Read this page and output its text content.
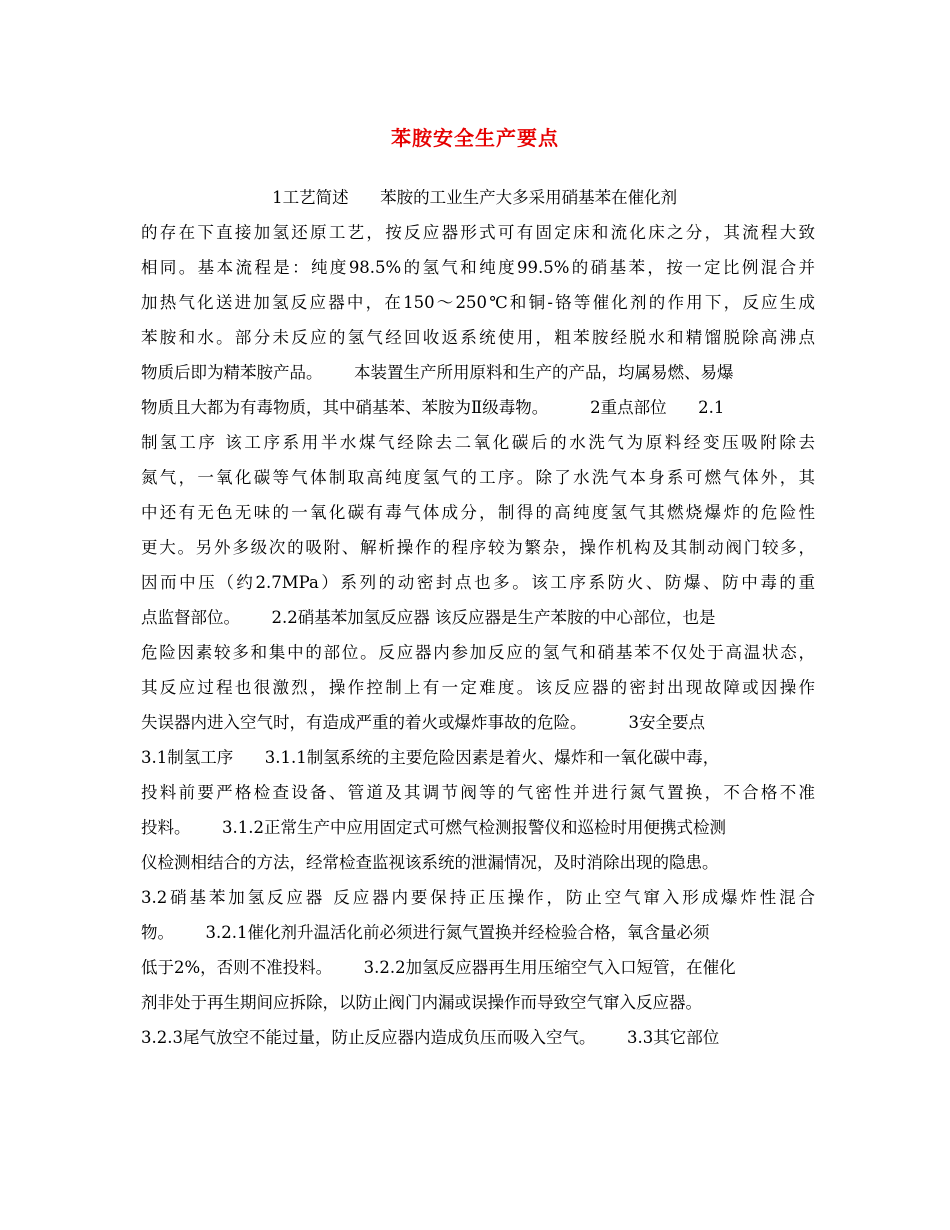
苯胺安全生产要点
1工艺简述      苯胺的工业生产大多采用硝基苯在催化剂
的存在下直接加氢还原工艺，按反应器形式可有固定床和流化床之分，其流程大致
相同。基本流程是：纯度98.5%的氢气和纯度99.5%的硝基苯，按一定比例混合并
加热气化送进加氢反应器中，在150～250℃和铜-铬等催化剂的作用下，反应生成
苯胺和水。部分未反应的氢气经回收返系统使用，粗苯胺经脱水和精馏脱除高沸点
物质后即为精苯胺产品。      本装置生产所用原料和生产的产品，均属易燃、易爆
物质且大都为有毒物质，其中硝基苯、苯胺为Ⅱ级毒物。        2重点部位      2.1
制氢工序 该工序系用半水煤气经除去二氧化碳后的水洗气为原料经变压吸附除去
氮气，一氧化碳等气体制取高纯度氢气的工序。除了水洗气本身系可燃气体外，其
中还有无色无味的一氧化碳有毒气体成分，制得的高纯度氢气其燃烧爆炸的危险性
更大。另外多级次的吸附、解析操作的程序较为繁杂，操作机构及其制动阀门较多，
因而中压（约2.7MPa）系列的动密封点也多。该工序系防火、防爆、防中毒的重
点监督部位。      2.2硝基苯加氢反应器 该反应器是生产苯胺的中心部位，也是
危险因素较多和集中的部位。反应器内参加反应的氢气和硝基苯不仅处于高温状态，
其反应过程也很激烈，操作控制上有一定难度。该反应器的密封出现故障或因操作
失误器内进入空气时，有造成严重的着火或爆炸事故的危险。        3安全要点
3.1制氢工序      3.1.1制氢系统的主要危险因素是着火、爆炸和一氧化碳中毒，
投料前要严格检查设备、管道及其调节阀等的气密性并进行氮气置换，不合格不准
投料。      3.1.2正常生产中应用固定式可燃气检测报警仪和巡检时用便携式检测
仪检测相结合的方法，经常检查监视该系统的泄漏情况，及时消除出现的隐患。
3.2硝基苯加氢反应器 反应器内要保持正压操作，防止空气窜入形成爆炸性混合
物。      3.2.1催化剂升温活化前必须进行氮气置换并经检验合格，氧含量必须
低于2%，否则不准投料。      3.2.2加氢反应器再生用压缩空气入口短管，在催化
剂非处于再生期间应拆除，以防止阀门内漏或误操作而导致空气窜入反应器。
3.2.3尾气放空不能过量，防止反应器内造成负压而吸入空气。      3.3其它部位
